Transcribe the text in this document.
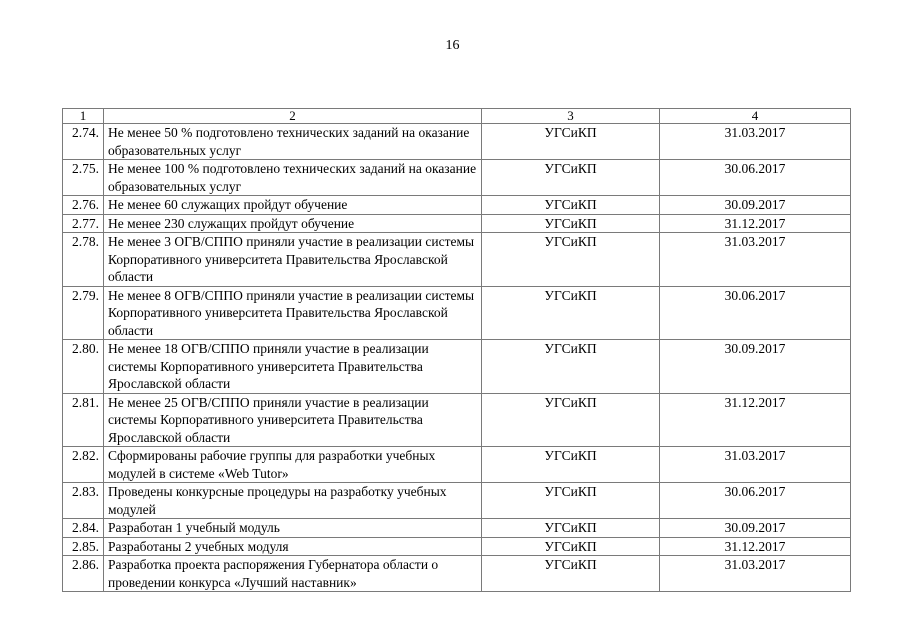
16
1	2	3	4
2.74.	Не менее 50 % подготовлено технических заданий на оказание образовательных услуг	УГСиКП	31.03.2017
2.75.	Не менее 100 % подготовлено технических заданий на оказание образовательных услуг	УГСиКП	30.06.2017
2.76.	Не менее 60 служащих пройдут обучение	УГСиКП	30.09.2017
2.77.	Не менее 230 служащих пройдут обучение	УГСиКП	31.12.2017
2.78.	Не менее 3 ОГВ/СППО приняли участие в реализации системы Корпоративного университета Правительства Ярославской области	УГСиКП	31.03.2017
2.79.	Не менее 8 ОГВ/СППО приняли участие в реализации системы Корпоративного университета Правительства Ярославской области	УГСиКП	30.06.2017
2.80.	Не менее 18 ОГВ/СППО приняли участие в реализации системы Корпоративного университета Правительства Ярославской области	УГСиКП	30.09.2017
2.81.	Не менее 25 ОГВ/СППО приняли участие в реализации системы Корпоративного университета Правительства Ярославской области	УГСиКП	31.12.2017
2.82.	Сформированы рабочие группы для разработки учебных модулей в системе «Web Tutor»	УГСиКП	31.03.2017
2.83.	Проведены конкурсные процедуры на разработку учебных модулей	УГСиКП	30.06.2017
2.84.	Разработан 1 учебный модуль	УГСиКП	30.09.2017
2.85.	Разработаны 2 учебных модуля	УГСиКП	31.12.2017
2.86.	Разработка проекта распоряжения Губернатора области о проведении конкурса «Лучший наставник»	УГСиКП	31.03.2017
